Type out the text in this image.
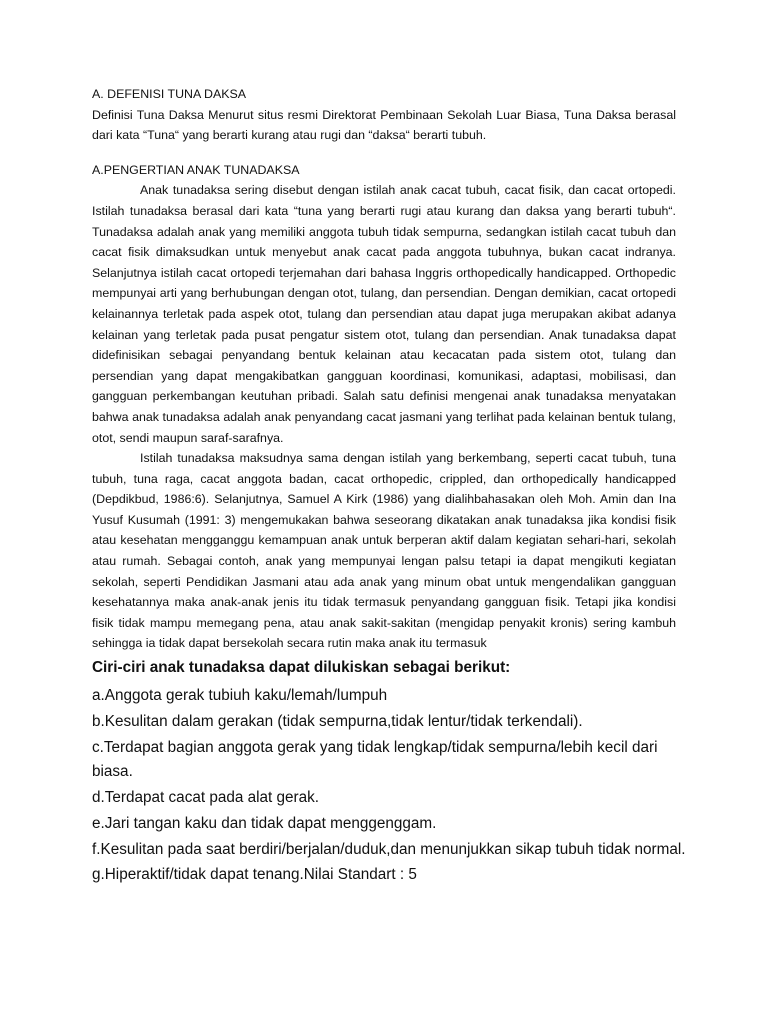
A. DEFENISI TUNA DAKSA

Definisi Tuna Daksa Menurut situs resmi Direktorat Pembinaan Sekolah Luar Biasa, Tuna Daksa berasal dari kata “Tuna“ yang berarti kurang atau rugi dan “daksa“ berarti tubuh.

A.PENGERTIAN ANAK TUNADAKSA

Anak tunadaksa sering disebut dengan istilah anak cacat tubuh, cacat fisik, dan cacat ortopedi. Istilah tunadaksa berasal dari kata “tuna yang berarti rugi atau kurang dan daksa yang berarti tubuh“. Tunadaksa adalah anak yang memiliki anggota tubuh tidak sempurna, sedangkan istilah cacat tubuh dan cacat fisik dimaksudkan untuk menyebut anak cacat pada anggota tubuhnya, bukan cacat indranya. Selanjutnya istilah cacat ortopedi terjemahan dari bahasa Inggris orthopedically handicapped. Orthopedic mempunyai arti yang berhubungan dengan otot, tulang, dan persendian. Dengan demikian, cacat ortopedi kelainannya terletak pada aspek otot, tulang dan persendian atau dapat juga merupakan akibat adanya kelainan yang terletak pada pusat pengatur sistem otot, tulang dan persendian. Anak tunadaksa dapat didefinisikan sebagai penyandang bentuk kelainan atau kecacatan pada sistem otot, tulang dan persendian yang dapat mengakibatkan gangguan koordinasi, komunikasi, adaptasi, mobilisasi, dan gangguan perkembangan keutuhan pribadi. Salah satu definisi mengenai anak tunadaksa menyatakan bahwa anak tunadaksa adalah anak penyandang cacat jasmani yang terlihat pada kelainan bentuk tulang, otot, sendi maupun saraf-sarafnya.

Istilah tunadaksa maksudnya sama dengan istilah yang berkembang, seperti cacat tubuh, tuna tubuh, tuna raga, cacat anggota badan, cacat orthopedic, crippled, dan orthopedically handicapped (Depdikbud, 1986:6). Selanjutnya, Samuel A Kirk (1986) yang dialihbahasakan oleh Moh. Amin dan Ina Yusuf Kusumah (1991: 3) mengemukakan bahwa seseorang dikatakan anak tunadaksa jika kondisi fisik atau kesehatan mengganggu kemampuan anak untuk berperan aktif dalam kegiatan sehari-hari, sekolah atau rumah. Sebagai contoh, anak yang mempunyai lengan palsu tetapi ia dapat mengikuti kegiatan sekolah, seperti Pendidikan Jasmani atau ada anak yang minum obat untuk mengendalikan gangguan kesehatannya maka anak-anak jenis itu tidak termasuk penyandang gangguan fisik. Tetapi jika kondisi fisik tidak mampu memegang pena, atau anak sakit-sakitan (mengidap penyakit kronis) sering kambuh sehingga ia tidak dapat bersekolah secara rutin maka anak itu termasuk

Ciri-ciri anak tunadaksa dapat dilukiskan sebagai berikut:

a.Anggota gerak tubiuh kaku/lemah/lumpuh
b.Kesulitan dalam gerakan (tidak sempurna,tidak lentur/tidak terkendali).
c.Terdapat bagian anggota gerak yang tidak lengkap/tidak sempurna/lebih kecil dari biasa.
d.Terdapat cacat pada alat gerak.
e.Jari tangan kaku dan tidak dapat menggenggam.
f.Kesulitan pada saat berdiri/berjalan/duduk,dan menunjukkan sikap tubuh tidak normal.
g.Hiperaktif/tidak dapat tenang.Nilai Standart : 5
